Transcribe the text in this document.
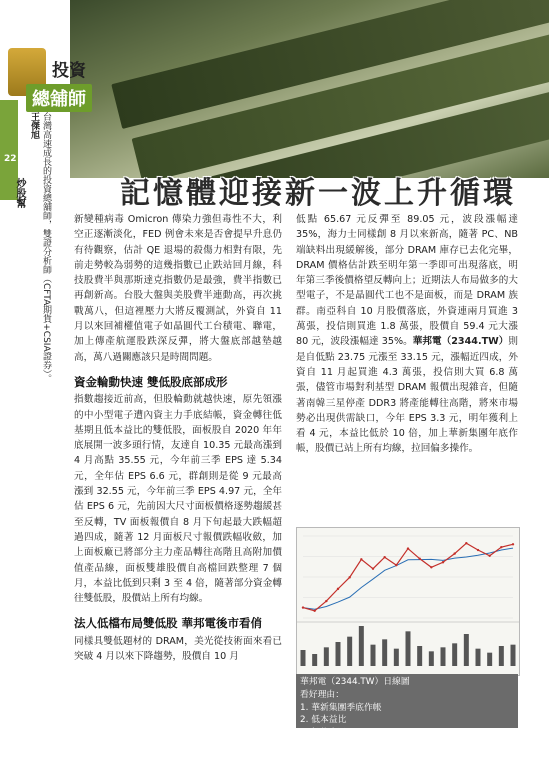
投資
總舖師
22
炒股幫
王傑旭 台灣高速成長的投資總舖師，雙證分析師（CFTA期貨+CSIA證券）。 記憶體迎接新一波上升循環

新變種病毒 Omicron 傳染力強但毒性不大，利空正逐漸淡化，FED 例會未來是否會提早升息仍有待觀察，估計 QE 退場的殺傷力相對有限，先前走勢較為弱勢的這幾指數已止跌站回月線，科技股費半與那斯達克指數仍是最強，費半指數已再創新高。台股大盤與美股費半連動高，再次挑戰萬八，但這裡壓力大將反覆測試，外資自 11 月以來回補權值電子如晶圓代工台積電、聯電，加上傳產航運股跌深反彈，將大盤底部越墊越高，萬八過關應該只是時間問題。

資金輪動快速 雙低股底部成形

指數趨接近前高，但股輪動就越快速，原先領漲的中小型電子遭內資主力手底結帳，資金轉往低基期且低本益比的雙低股，面板股自 2020 年年底展開一波多頭行情，友達自 10.35 元最高漲到 4 月高點 35.55 元，今年前三季 EPS 達 5.34 元，全年估 EPS 6.6 元，群創則是從 9 元最高漲到 32.55 元，今年前三季 EPS 4.97 元，全年估 EPS 6 元，先前因大尺寸面板價格逐勢趨緩甚至反轉，TV 面板報價自 8 月下旬起最大跌幅超過四成，隨著 12 月面板尺寸報價跌幅收斂，加上面板廠已將部分主力產品轉往高階且高附加價值產品線，面板雙雄股價自高檔回跌整理 7 個月，本益比低到只剩 3 至 4 倍，隨著部分資金轉往雙低股，股價站上所有均線。

法人低檔布局雙低股 華邦電後市看俏

同樣具雙低題材的 DRAM，美光從技術面來看已突破 4 月以來下降趨勢，股價自 10 月

低點 65.67 元反彈至 89.05 元，波段漲幅達 35%，海力士同樣創 8 月以來新高，隨著 PC、NB 端缺料出現緩解後，部分 DRAM 庫存已去化完畢，DRAM 價格估計跌至明年第一季即可出現落底，明年第三季後價格望反轉向上；近期法人布局做多的大型電子，不是晶圓代工也不是面板，而是 DRAM 族群。南亞科自 10 月股價落底，外資連兩月買進 3 萬張，投信則買進 1.8 萬張，股價自 59.4 元大漲 80 元，波段漲幅達 35%。華邦電（2344.TW）則是自低點 23.75 元漲至 33.15 元，漲幅近四成，外資自 11 月起買進 4.3 萬張，投信則大買 6.8 萬張，儘管市場對利基型 DRAM 報價出現雜音，但隨著南韓三星停產 DDR3 將產能轉往高階，將來市場勢必出現供需缺口，今年 EPS 3.3 元，明年獲利上看 4 元，本益比低於 10 倍，加上華新集團年底作帳，股價已站上所有均線，拉回偏多操作。

華邦電（2344.TW）日線圖
看好理由：
1. 華新集團季底作帳
2. 低本益比
3. 投信大買
